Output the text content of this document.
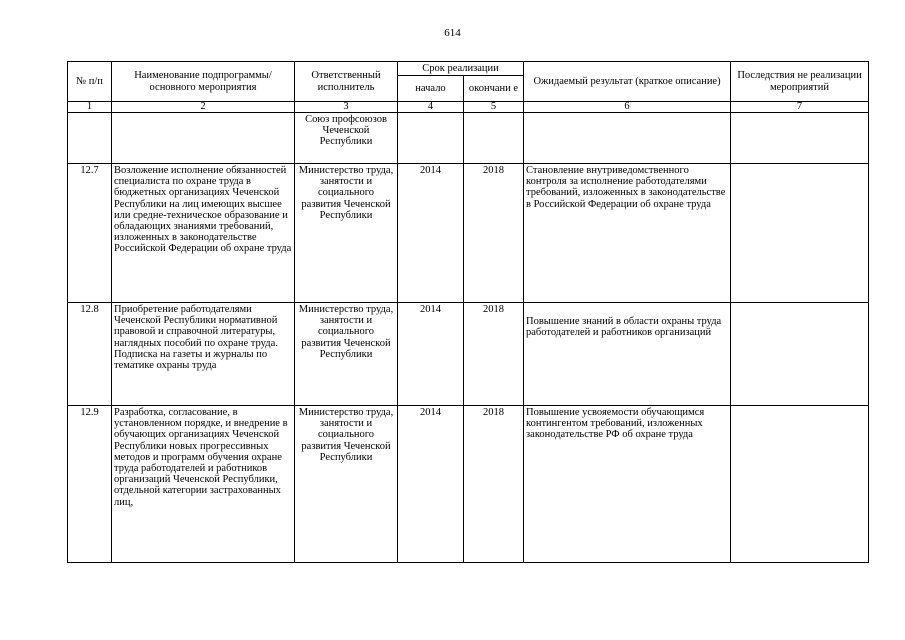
614
№ п/п	Наименование подпрограммы/ основного мероприятия	Ответственный исполнитель	Срок реализации		Ожидаемый результат (краткое описание)	Последствия не реализации мероприятий
			начало	окончани е		
1	2	3	4	5	6	7
		Союз профсоюзов Чеченской Республики				
12.7	Возложение исполнение обязанностей специалиста по охране труда в бюджетных организациях Чеченской Республики на лиц имеющих высшее или средне-техническое образование и обладающих знаниями требований, изложенных в законодательстве Российской Федерации об охране труда	Министерство труда, занятости и социального развития Чеченской Республики	2014	2018	Становление внутриведомственного контроля за исполнение работодателями требований, изложенных в законодательстве в Российской Федерации об охране труда	
12.8	Приобретение работодателями Чеченской Республики нормативной правовой и справочной литературы, наглядных пособий по охране труда. Подписка на газеты и журналы по тематике охраны труда	Министерство труда, занятости и социального развития Чеченской Республики	2014	2018	Повышение знаний в области охраны труда работодателей и работников организаций	
12.9	Разработка, согласование, в установленном порядке, и внедрение в обучающих организациях Чеченской Республики новых прогрессивных методов и программ обучения охране труда работодателей и работников организаций Чеченской Республики, отдельной категории застрахованных лиц,	Министерство труда, занятости и социального развития Чеченской Республики	2014	2018	Повышение усвояемости обучающимся контингентом требований, изложенных законодательстве РФ об охране труда	
